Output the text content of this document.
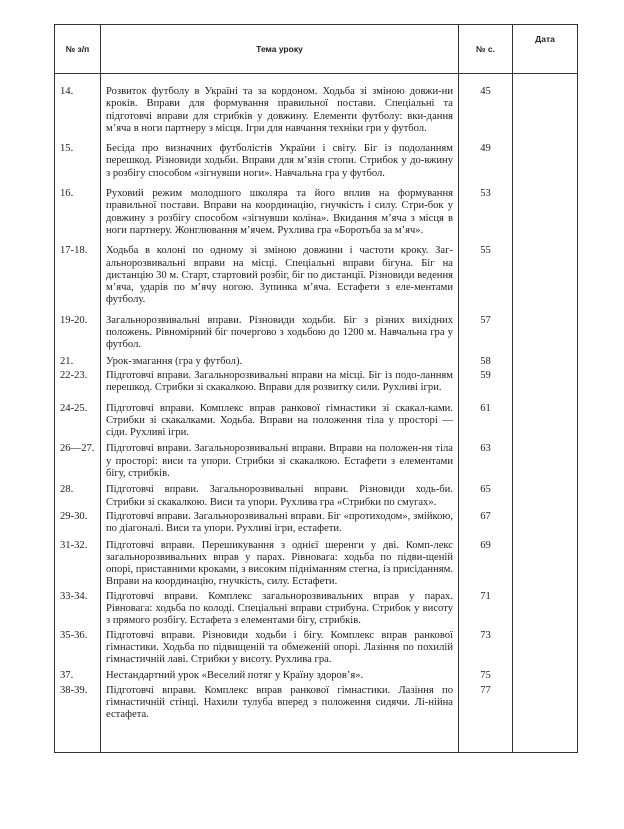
№ з/п	Тема уроку	№ с.	Дата

14.	Розвиток футболу в Україні та за кордоном. Ходьба зі зміною довжи-ни кроків. Вправи для формування правильної постави. Спеціальні та підготовчі вправи для стрибків у довжину. Елементи футболу: вки-дання м’яча в ноги партнеру з місця. Ігри для навчання техніки гри у футбол.	45	

15.	Бесіда про визначних футболістів України і світу. Біг із подоланням перешкод. Різновиди ходьби. Вправи для м’язів стопи. Стрибок у до-вжину з розбігу способом «зігнувши ноги». Навчальна гра у футбол.	49	

16.	Руховий режим молодшого школяра та його вплив на формування правильної постави. Вправи на координацію, гнучкість і силу. Стри-бок у довжину з розбігу способом «зігнувши коліна». Вкидання м’яча з місця в ноги партнеру. Жонглювання м’ячем. Рухлива гра «Боротьба за м’яч».	53	

17-18.	Ходьба в колоні по одному зі зміною довжини і частоти кроку. Заг-альнорозвивальні вправи на місці. Спеціальні вправи бігуна. Біг на дистанцію 30 м. Старт, стартовий розбіг, біг по дистанції. Різновиди ведення м’яча, ударів по м’ячу ногою. Зупинка м’яча. Естафети з еле-ментами футболу.	55	

19-20.	Загальнорозвивальні вправи. Різновиди ходьби. Біг з різних вихідних положень. Рівномірний біг почергово з ходьбою до 1200 м. Навчальна гра у футбол.	57	

21.	Урок-змагання (гра у футбол).	58	

22-23.	Підготовчі вправи. Загальнорозвивальні вправи на місці. Біг із подо-ланням перешкод. Стрибки зі скакалкою. Вправи для розвитку сили. Рухливі ігри.	59	

24-25.	Підготовчі вправи. Комплекс вправ ранкової гімнастики зі скакал-ками. Стрибки зі скакалками. Ходьба. Вправи на положення тіла у просторі — сіди. Рухливі ігри.	61	

26—27.	Підготовчі вправи. Загальнорозвивальні вправи. Вправи на положен-ня тіла у просторі: виси та упори. Стрибки зі скакалкою. Естафети з елементами бігу, стрибків.	63	

28.	Підготовчі вправи. Загальнорозвивальні вправи. Різновиди ходь-би. Стрибки зі скакалкою. Виси та упори. Рухлива гра «Стрибки по смугах».	65	

29-30.	Підготовчі вправи. Загальнорозвивальні вправи. Біг «протиходом», змійкою, по діагоналі. Виси та упори. Рухливі ігри, естафети.	67	

31-32.	Підготовчі вправи. Перешикування з однієї шеренги у дві. Комп-лекс загальнорозвивальних вправ у парах. Рівновага: ходьба по підви-щеній опорі, приставними кроками, з високим підніманням стегна, із присіданням. Вправи на координацію, гнучкість, силу. Естафети.	69	

33-34.	Підготовчі вправи. Комплекс загальнорозвивальних вправ у парах. Рівновага: ходьба по колоді. Спеціальні вправи стрибуна. Стрибок у висоту з прямого розбігу. Естафета з елементами бігу, стрибків.	71	

35-36.	Підготовчі вправи. Різновиди ходьби і бігу. Комплекс вправ ранкової гімнастики. Ходьба по підвищеній та обмеженій опорі. Лазіння по похилій гімнастичній лаві. Стрибки у висоту. Рухлива гра.	73	

37.	Нестандартний урок «Веселий потяг у Країну здоров’я».	75	

38-39.	Підготовчі вправи. Комплекс вправ ранкової гімнастики. Лазіння по гімнастичній стінці. Нахили тулуба вперед з положення сидячи. Лі-нійна естафета.	77	
